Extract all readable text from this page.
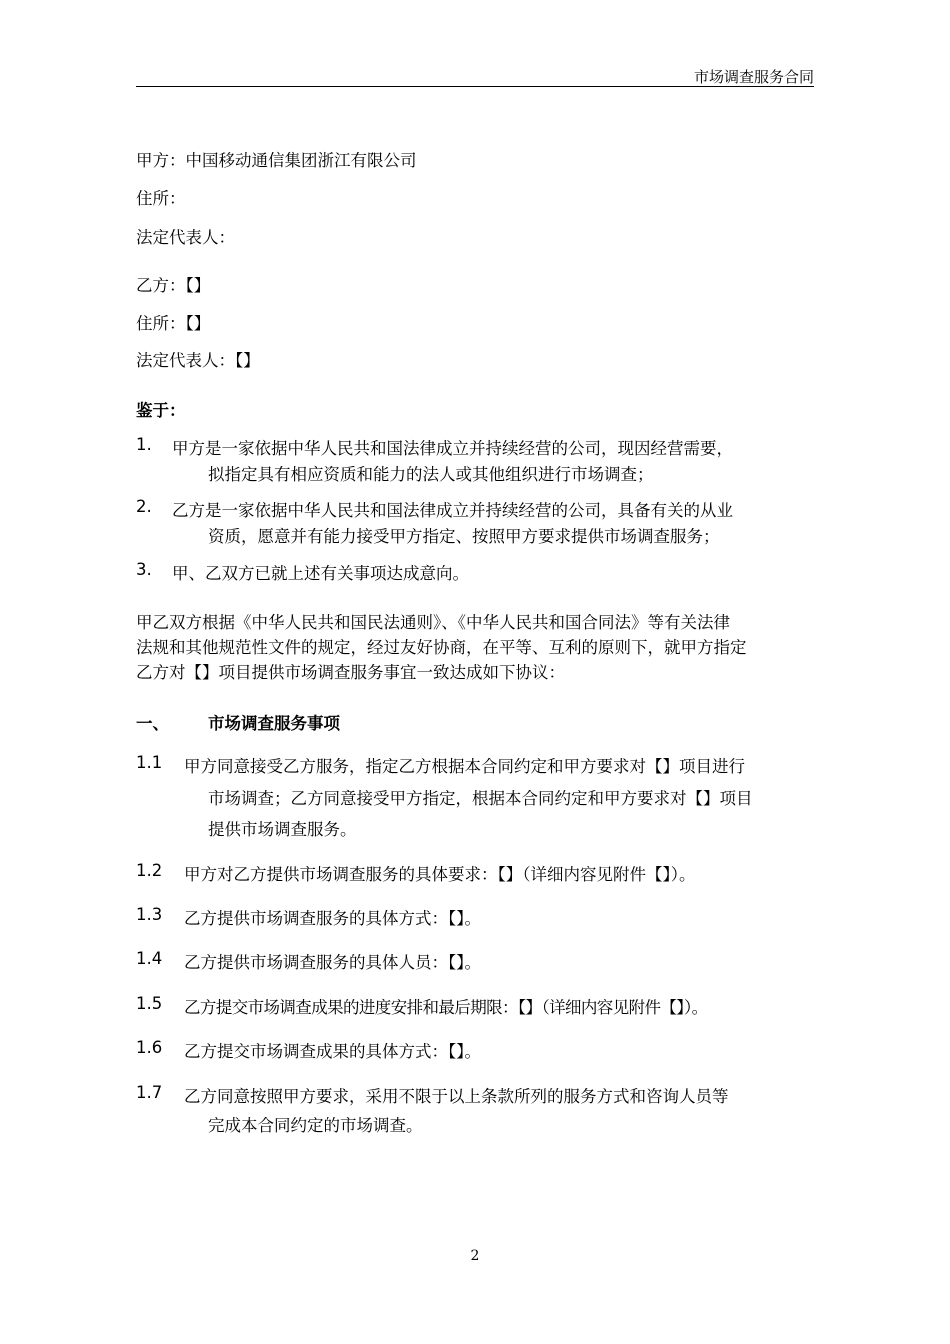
市场调查服务合同
甲方：中国移动通信集团浙江有限公司
住所：
法定代表人：
乙方：【】
住所：【】
法定代表人：【】
鉴于：
1. 甲方是一家依据中华人民共和国法律成立并持续经营的公司，现因经营需要，
拟指定具有相应资质和能力的法人或其他组织进行市场调查；
2. 乙方是一家依据中华人民共和国法律成立并持续经营的公司，具备有关的从业
资质，愿意并有能力接受甲方指定、按照甲方要求提供市场调查服务；
3. 甲、乙双方已就上述有关事项达成意向。
甲乙双方根据《中华人民共和国民法通则》、《中华人民共和国合同法》等有关法律
法规和其他规范性文件的规定，经过友好协商，在平等、互利的原则下，就甲方指定
乙方对【】项目提供市场调查服务事宜一致达成如下协议：
一、 市场调查服务事项
1.1 甲方同意接受乙方服务，指定乙方根据本合同约定和甲方要求对【】项目进行
市场调查；乙方同意接受甲方指定，根据本合同约定和甲方要求对【】项目
提供市场调查服务。
1.2 甲方对乙方提供市场调查服务的具体要求：【】（详细内容见附件【】）。
1.3 乙方提供市场调查服务的具体方式：【】。
1.4 乙方提供市场调查服务的具体人员：【】。
1.5 乙方提交市场调查成果的进度安排和最后期限：【】（详细内容见附件【】）。
1.6 乙方提交市场调查成果的具体方式：【】。
1.7 乙方同意按照甲方要求，采用不限于以上条款所列的服务方式和咨询人员等
完成本合同约定的市场调查。
2
